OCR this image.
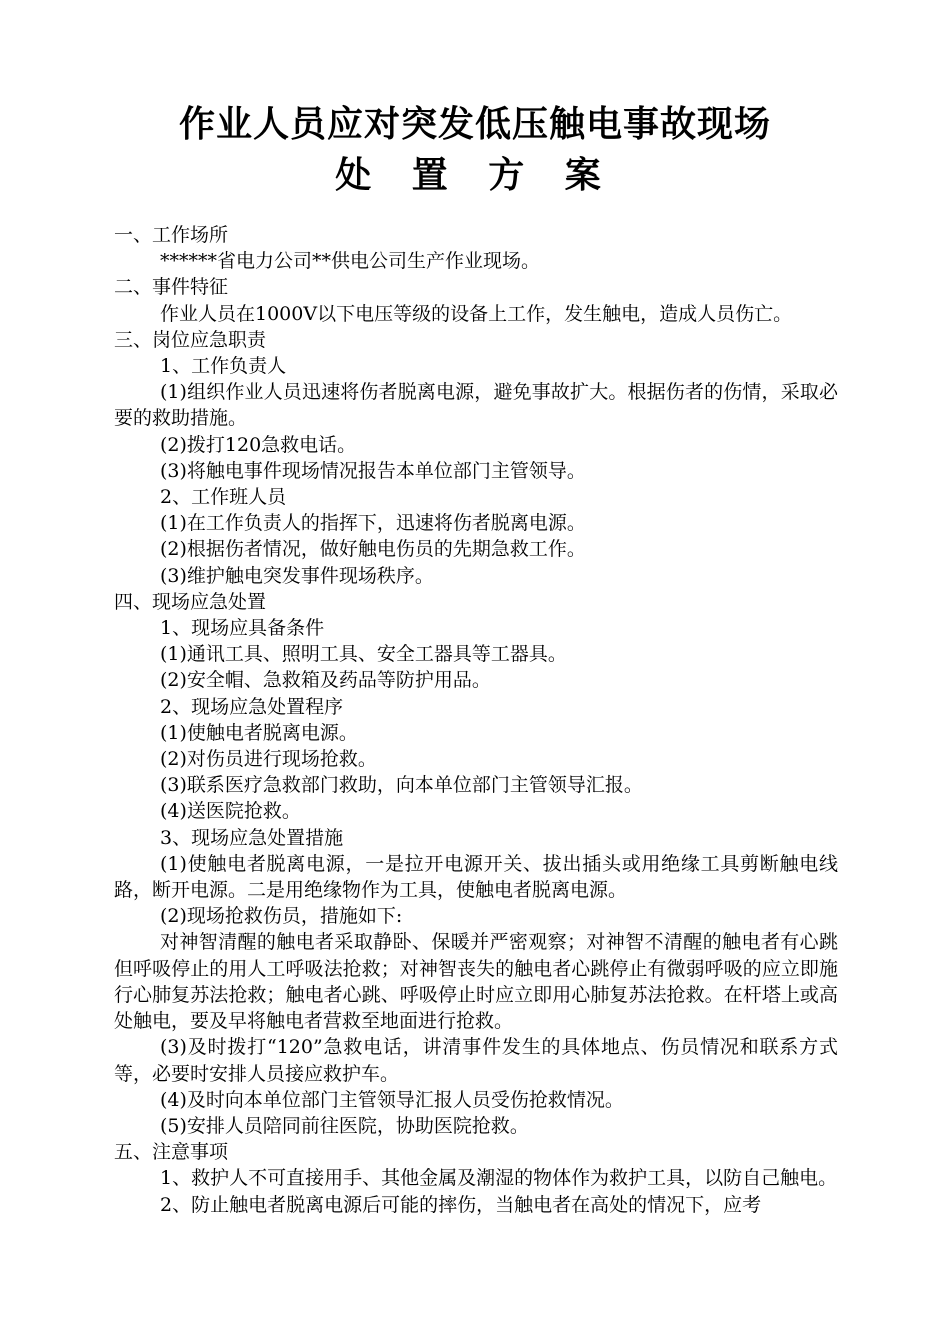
作业人员应对突发低压触电事故现场
处 置 方 案

一、工作场所

******省电力公司**供电公司生产作业现场。

二、事件特征

作业人员在1000V以下电压等级的设备上工作，发生触电，造成人员伤亡。

三、岗位应急职责

1、工作负责人

(1)组织作业人员迅速将伤者脱离电源，避免事故扩大。根据伤者的伤情，采取必要的救助措施。

(2)拨打120急救电话。

(3)将触电事件现场情况报告本单位部门主管领导。

2、工作班人员

(1)在工作负责人的指挥下，迅速将伤者脱离电源。

(2)根据伤者情况，做好触电伤员的先期急救工作。

(3)维护触电突发事件现场秩序。

四、现场应急处置

1、现场应具备条件

(1)通讯工具、照明工具、安全工器具等工器具。

(2)安全帽、急救箱及药品等防护用品。

2、现场应急处置程序

(1)使触电者脱离电源。

(2)对伤员进行现场抢救。

(3)联系医疗急救部门救助，向本单位部门主管领导汇报。

(4)送医院抢救。

3、现场应急处置措施

(1)使触电者脱离电源，一是拉开电源开关、拔出插头或用绝缘工具剪断触电线路，断开电源。二是用绝缘物作为工具，使触电者脱离电源。

(2)现场抢救伤员，措施如下:

对神智清醒的触电者采取静卧、保暖并严密观察；对神智不清醒的触电者有心跳但呼吸停止的用人工呼吸法抢救；对神智丧失的触电者心跳停止有微弱呼吸的应立即施行心肺复苏法抢救；触电者心跳、呼吸停止时应立即用心肺复苏法抢救。在杆塔上或高处触电，要及早将触电者营救至地面进行抢救。

(3)及时拨打“120”急救电话，讲清事件发生的具体地点、伤员情况和联系方式等，必要时安排人员接应救护车。

(4)及时向本单位部门主管领导汇报人员受伤抢救情况。

(5)安排人员陪同前往医院，协助医院抢救。

五、注意事项

1、救护人不可直接用手、其他金属及潮湿的物体作为救护工具，以防自己触电。

2、防止触电者脱离电源后可能的摔伤，当触电者在高处的情况下，应考
